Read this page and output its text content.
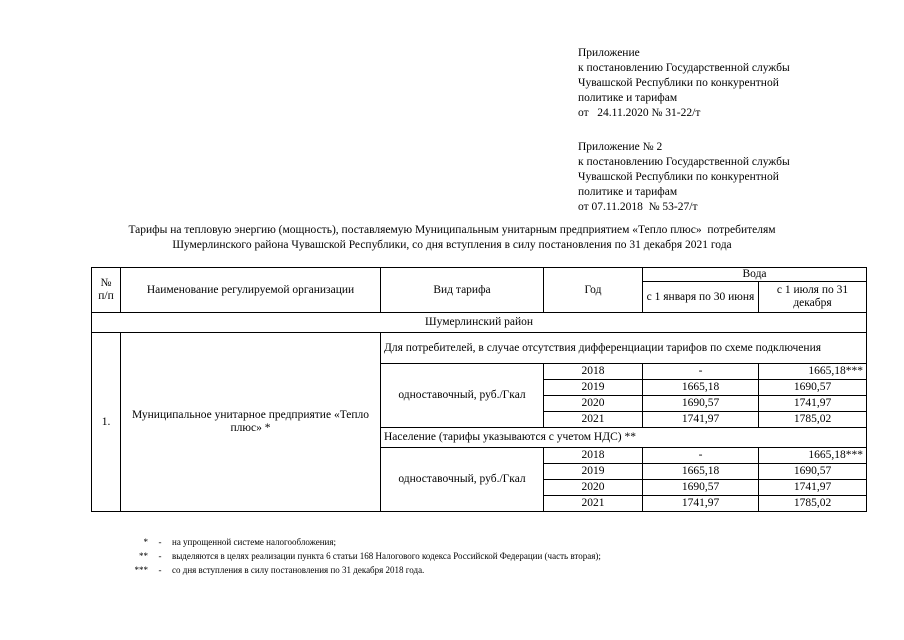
Приложение
к постановлению Государственной службы
Чувашской Республики по конкурентной
политике и тарифам
от   24.11.2020 № 31-22/т
Приложение № 2
к постановлению Государственной службы
Чувашской Республики по конкурентной
политике и тарифам
от 07.11.2018  № 53-27/т
Тарифы на тепловую энергию (мощность), поставляемую Муниципальным унитарным предприятием «Тепло плюс»  потребителям
Шумерлинского района Чувашской Республики, со дня вступления в силу постановления по 31 декабря 2021 года
№ п/п	Наименование регулируемой организации	Вид тарифа	Год	Вода	
				с 1 января по 30 июня	с 1 июля по 31 декабря
Шумерлинский район					
1.	Муниципальное унитарное предприятие «Тепло плюс» *	Для потребителей, в случае отсутствия дифференциации тарифов по схеме подключения			
		одноставочный, руб./Гкал	2018	-	1665,18***
			2019	1665,18	1690,57
			2020	1690,57	1741,97
			2021	1741,97	1785,02
		Население (тарифы указываются с учетом НДС) **			
		одноставочный, руб./Гкал	2018	-	1665,18***
			2019	1665,18	1690,57
			2020	1690,57	1741,97
			2021	1741,97	1785,02
* - на упрощенной системе налогообложения;
** - выделяются в целях реализации пункта 6 статьи 168 Налогового кодекса Российской Федерации (часть вторая);
*** - со дня вступления в силу постановления по 31 декабря 2018 года.
